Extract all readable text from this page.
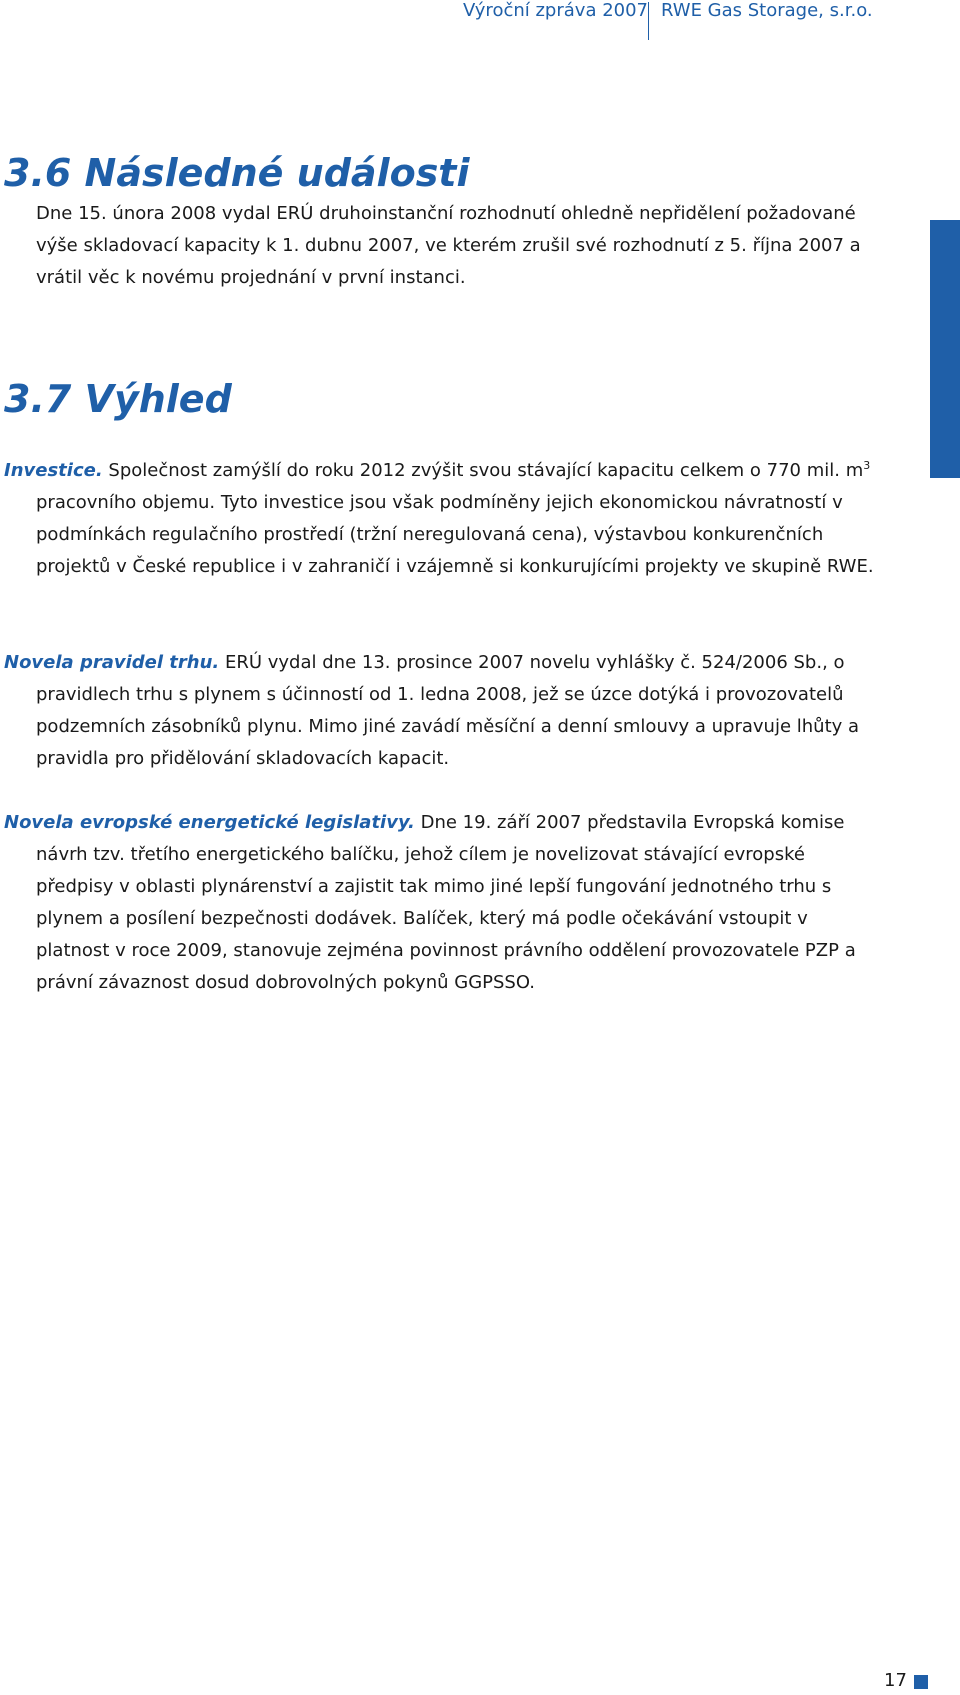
Výroční zpráva 2007 RWE Gas Storage, s.r.o.
3.6 Následné události

Dne 15. února 2008 vydal ERÚ druhoinstanční rozhodnutí ohledně nepřidělení požadované výše skladovací kapacity k 1. dubnu 2007, ve kterém zrušil své rozhodnutí z 5. října 2007 a vrátil věc k novému projednání v první instanci.

3.7 Výhled

Investice. Společnost zamýšlí do roku 2012 zvýšit svou stávající kapacitu celkem o 770 mil. $m^3$ pracovního objemu. Tyto investice jsou však podmíněny jejich ekonomickou návratností v podmínkách regulačního prostředí (tržní neregulovaná cena), výstavbou konkurenčních projektů v České republice i v zahraničí i vzájemně si konkurujícími projekty ve skupině RWE.

Novela pravidel trhu. ERÚ vydal dne 13. prosince 2007 novelu vyhlášky č. 524/2006 Sb., o pravidlech trhu s plynem s účinností od 1. ledna 2008, jež se úzce dotýká i provozovatelů podzemních zásobníků plynu. Mimo jiné zavádí měsíční a denní smlouvy a upravuje lhůty a pravidla pro přidělování skladovacích kapacit.

Novela evropské energetické legislativy. Dne 19. září 2007 představila Evropská komise návrh tzv. třetího energetického balíčku, jehož cílem je novelizovat stávající evropské předpisy v oblasti plynárenství a zajistit tak mimo jiné lepší fungování jednotného trhu s plynem a posílení bezpečnosti dodávek. Balíček, který má podle očekávání vstoupit v platnost v roce 2009, stanovuje zejména povinnost právního oddělení provozovatele PZP a právní závaznost dosud dobrovolných pokynů GGPSSO.

17
